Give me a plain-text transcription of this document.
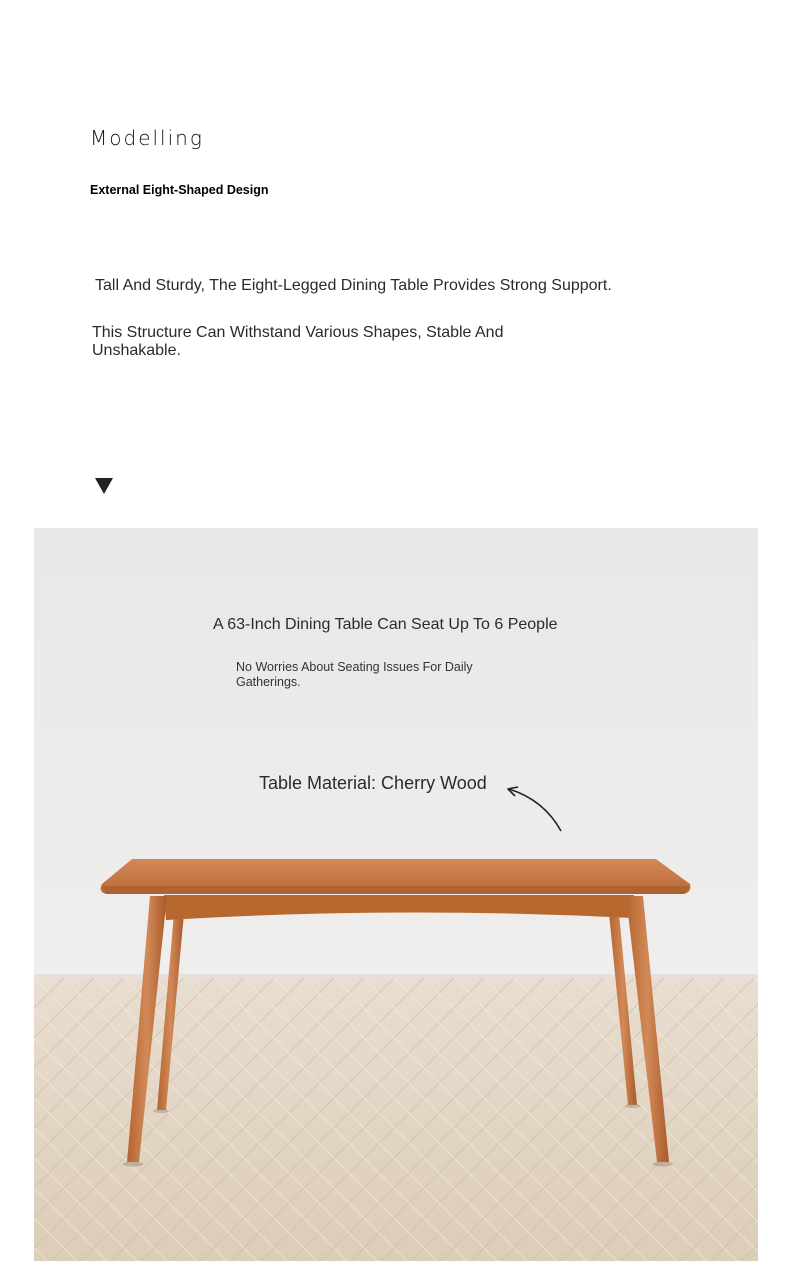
Modelling
External Eight-Shaped Design
Tall And Sturdy, The Eight-Legged Dining Table Provides Strong Support.
This Structure Can Withstand Various Shapes, Stable And Unshakable.
A 63-Inch Dining Table Can Seat Up To 6 People
No Worries About Seating Issues For Daily Gatherings.
Table Material: Cherry Wood
